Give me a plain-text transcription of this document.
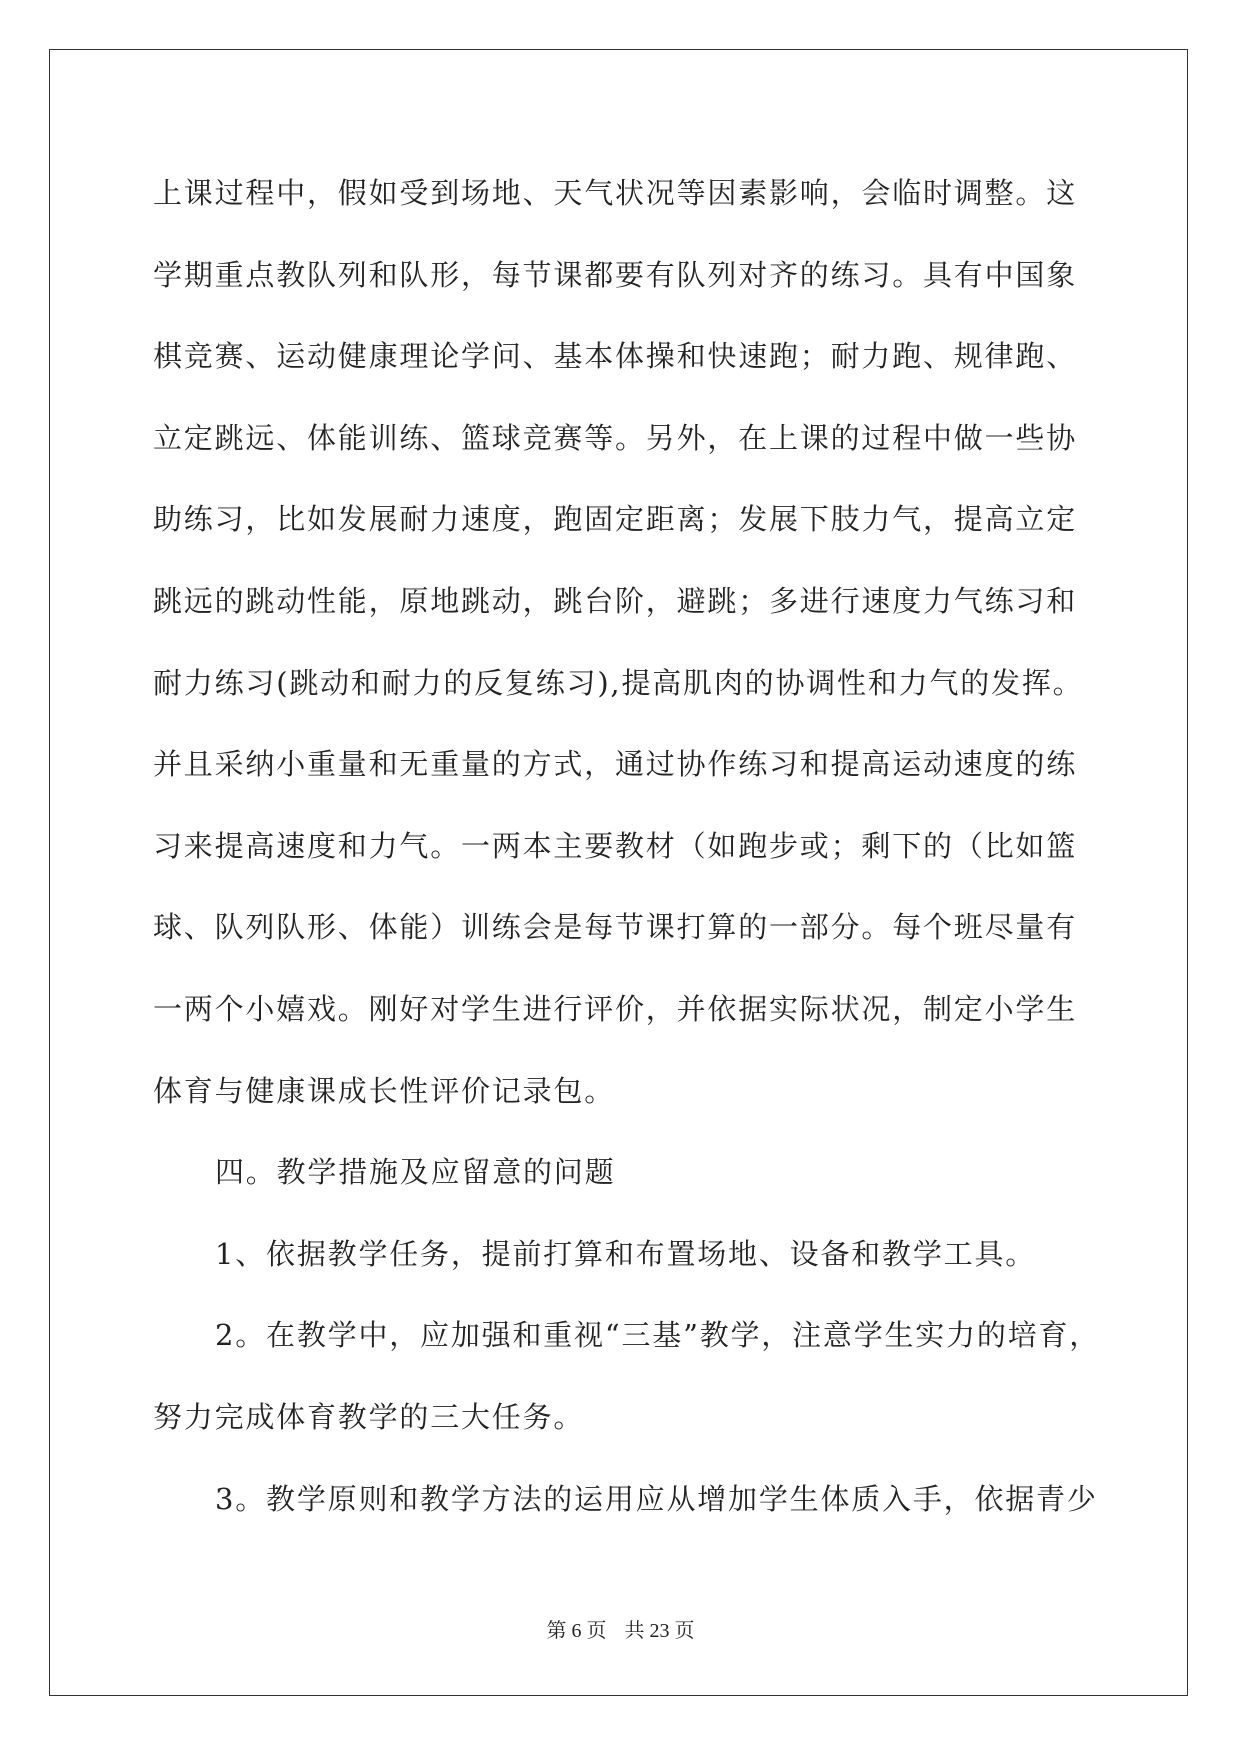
上课过程中，假如受到场地、天气状况等因素影响，会临时调整。这

学期重点教队列和队形，每节课都要有队列对齐的练习。具有中国象

棋竞赛、运动健康理论学问、基本体操和快速跑；耐力跑、规律跑、

立定跳远、体能训练、篮球竞赛等。另外，在上课的过程中做一些协

助练习，比如发展耐力速度，跑固定距离；发展下肢力气，提高立定

跳远的跳动性能，原地跳动，跳台阶，避跳；多进行速度力气练习和

耐力练习(跳动和耐力的反复练习),提高肌肉的协调性和力气的发挥。

并且采纳小重量和无重量的方式，通过协作练习和提高运动速度的练

习来提高速度和力气。一两本主要教材（如跑步或；剩下的（比如篮

球、队列队形、体能）训练会是每节课打算的一部分。每个班尽量有

一两个小嬉戏。刚好对学生进行评价，并依据实际状况，制定小学生

体育与健康课成长性评价记录包。

四。教学措施及应留意的问题

1、依据教学任务，提前打算和布置场地、设备和教学工具。

2。在教学中，应加强和重视“三基”教学，注意学生实力的培育，

努力完成体育教学的三大任务。

3。教学原则和教学方法的运用应从增加学生体质入手，依据青少

第 6 页 共 23 页
